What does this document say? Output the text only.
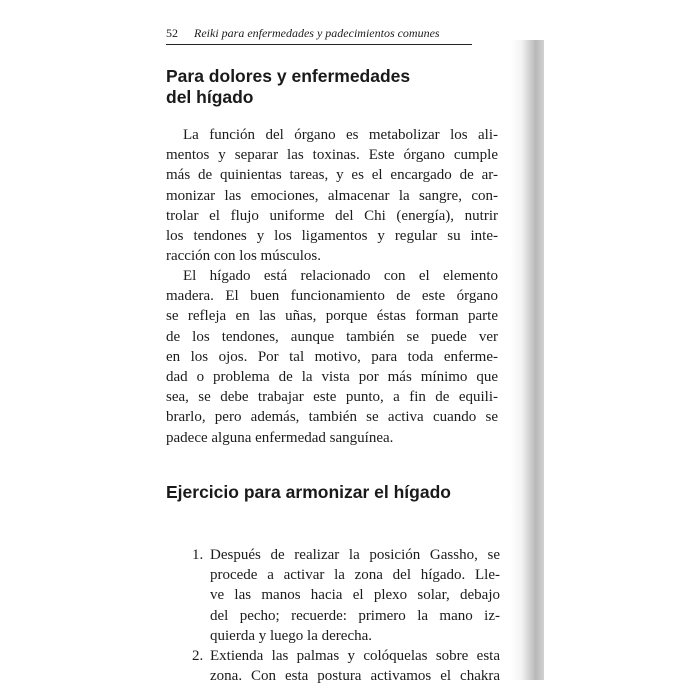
52 Reiki para enfermedades y padecimientos comunes
Para dolores y enfermedades
del hígado

La función del órgano es metabolizar los ali-
mentos y separar las toxinas. Este órgano cumple
más de quinientas tareas, y es el encargado de ar-
monizar las emociones, almacenar la sangre, con-
trolar el flujo uniforme del Chi (energía), nutrir
los tendones y los ligamentos y regular su inte-
racción con los músculos.

El hígado está relacionado con el elemento
madera. El buen funcionamiento de este órgano
se refleja en las uñas, porque éstas forman parte
de los tendones, aunque también se puede ver
en los ojos. Por tal motivo, para toda enfermе-
dad o problema de la vista por más mínimo que
sea, se debe trabajar este punto, a fin de equili-
brarlo, pero además, también se activa cuando se
padece alguna enfermedad sanguínea.

Ejercicio para armonizar el hígado
1. Después de realizar la posición Gassho, se
procede a activar la zona del hígado. Lle-
ve las manos hacia el plexo solar, debajo
del pecho; recuerde: primero la mano iz-
quierda y luego la derecha.
2. Extienda las palmas y colóquelas sobre esta
zona. Con esta postura activamos el chakra
